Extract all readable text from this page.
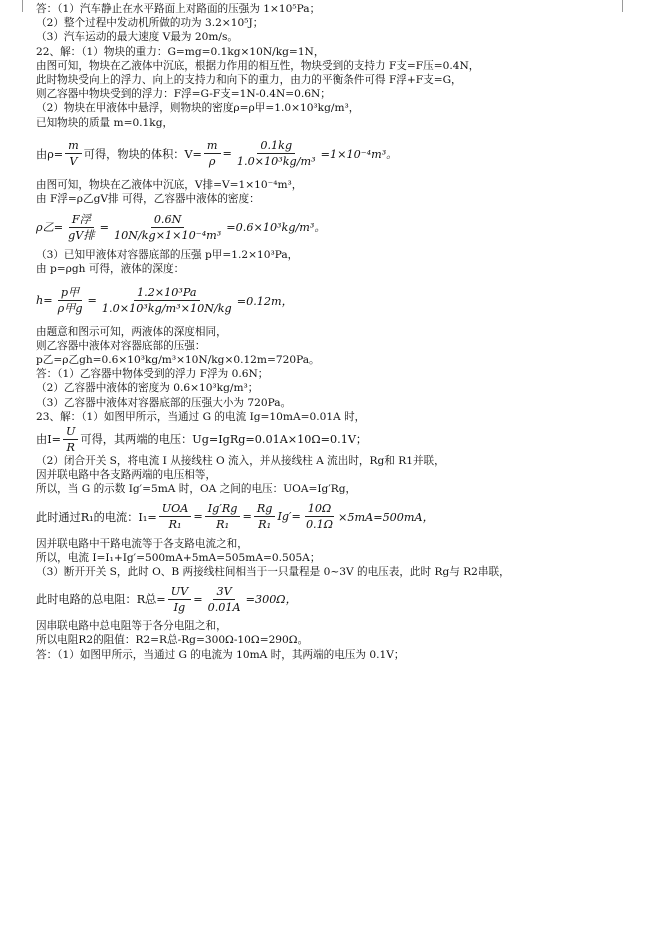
答：（1）汽车静止在水平路面上对路面的压强为 1×10⁵Pa；
（2）整个过程中发动机所做的功为 3.2×10⁵J；
（3）汽车运动的最大速度 V最为 20m/s。
22、解：（1）物块的重力：G=mg=0.1kg×10N/kg=1N，
由图可知，物块在乙液体中沉底，根据力作用的相互性，物块受到的支持力 F支=F压=0.4N，
此时物块受向上的浮力、向上的支持力和向下的重力，由力的平衡条件可得 F浮+F支=G，
则乙容器中物块受到的浮力：F浮=G-F支=1N-0.4N=0.6N；
（2）物块在甲液体中悬浮，则物块的密度ρ=ρ甲=1.0×10³kg/m³，
已知物块的质量 m=0.1kg，
由$\rho= \frac{m}{V}$ 可得，物块的体积：$V= \frac{m}{\rho} = \frac{0.1kg}{\text{1.0×10³kg/m³}} =1\times 10^{-4}m^3$。
由图可知，物块在乙液体中沉底，V排=V=1×10⁻⁴m³，
由 F浮=ρ乙gV排 可得，乙容器中液体的密度：
ρ乙= $\frac{\text{F浮}}{\text{gV排}} = \frac{0.6N}{\text{10N/kg×1×10⁻⁴m³}} =0.6\times 10^3kg/m^3$。
（3）已知甲液体对容器底部的压强 p甲=1.2×10³Pa，
由 p=ρgh 可得，液体的深度：
$h= \frac{\text{p甲}}{\text{ρ甲g}} = \frac{\text{1.2×10³Pa}}{\text{1.0×10³kg/m³×10N/kg}} =0.12m$，
由题意和图示可知，两液体的深度相同，
则乙容器中液体对容器底部的压强：
p乙=ρ乙gh=0.6×10³kg/m³×10N/kg×0.12m=720Pa。
答：（1）乙容器中物体受到的浮力 F浮为 0.6N；
（2）乙容器中液体的密度为 0.6×10³kg/m³；
（3）乙容器中液体对容器底部的压强大小为 720Pa。
23、解：（1）如图甲所示，当通过 G 的电流 Ig=10mA=0.01A 时，
由$I= \frac{U}{R}$ 可得，其两端的电压：Ug=IgRg=0.01A×10Ω=0.1V；
（2）闭合开关 S，将电流 I 从接线柱 O 流入，并从接线柱 A 流出时，Rg和 R1并联，
因并联电路中各支路两端的电压相等，
所以，当 G 的示数 Ig′=5mA 时，OA 之间的电压：UOA=Ig′Rg，
此时通过R₁的电流：$I_1= \frac{\text{UOA}}{\text{R₁}} = \frac{Ig'Rg}{\text{R₁}} = \frac{Rg}{\text{R₁}} Ig'= \frac{10\Omega}{0.1\Omega} \times 5mA=500mA$，
因并联电路中干路电流等于各支路电流之和，
所以，电流 I=I₁+Ig′=500mA+5mA=505mA=0.505A；
（3）断开开关 S，此时 O、B 两接线柱间相当于一只量程是 0~3V 的电压表，此时 Rg与 R2串联，
此时电路的总电阻：R总= $\frac{UV}{Ig} = \frac{3V}{0.01A} =300\Omega$，
因串联电路中总电阻等于各分电阻之和，
所以电阻R2的阻值：R2=R总-Rg=300Ω-10Ω=290Ω。
答：（1）如图甲所示，当通过 G 的电流为 10mA 时，其两端的电压为 0.1V；
